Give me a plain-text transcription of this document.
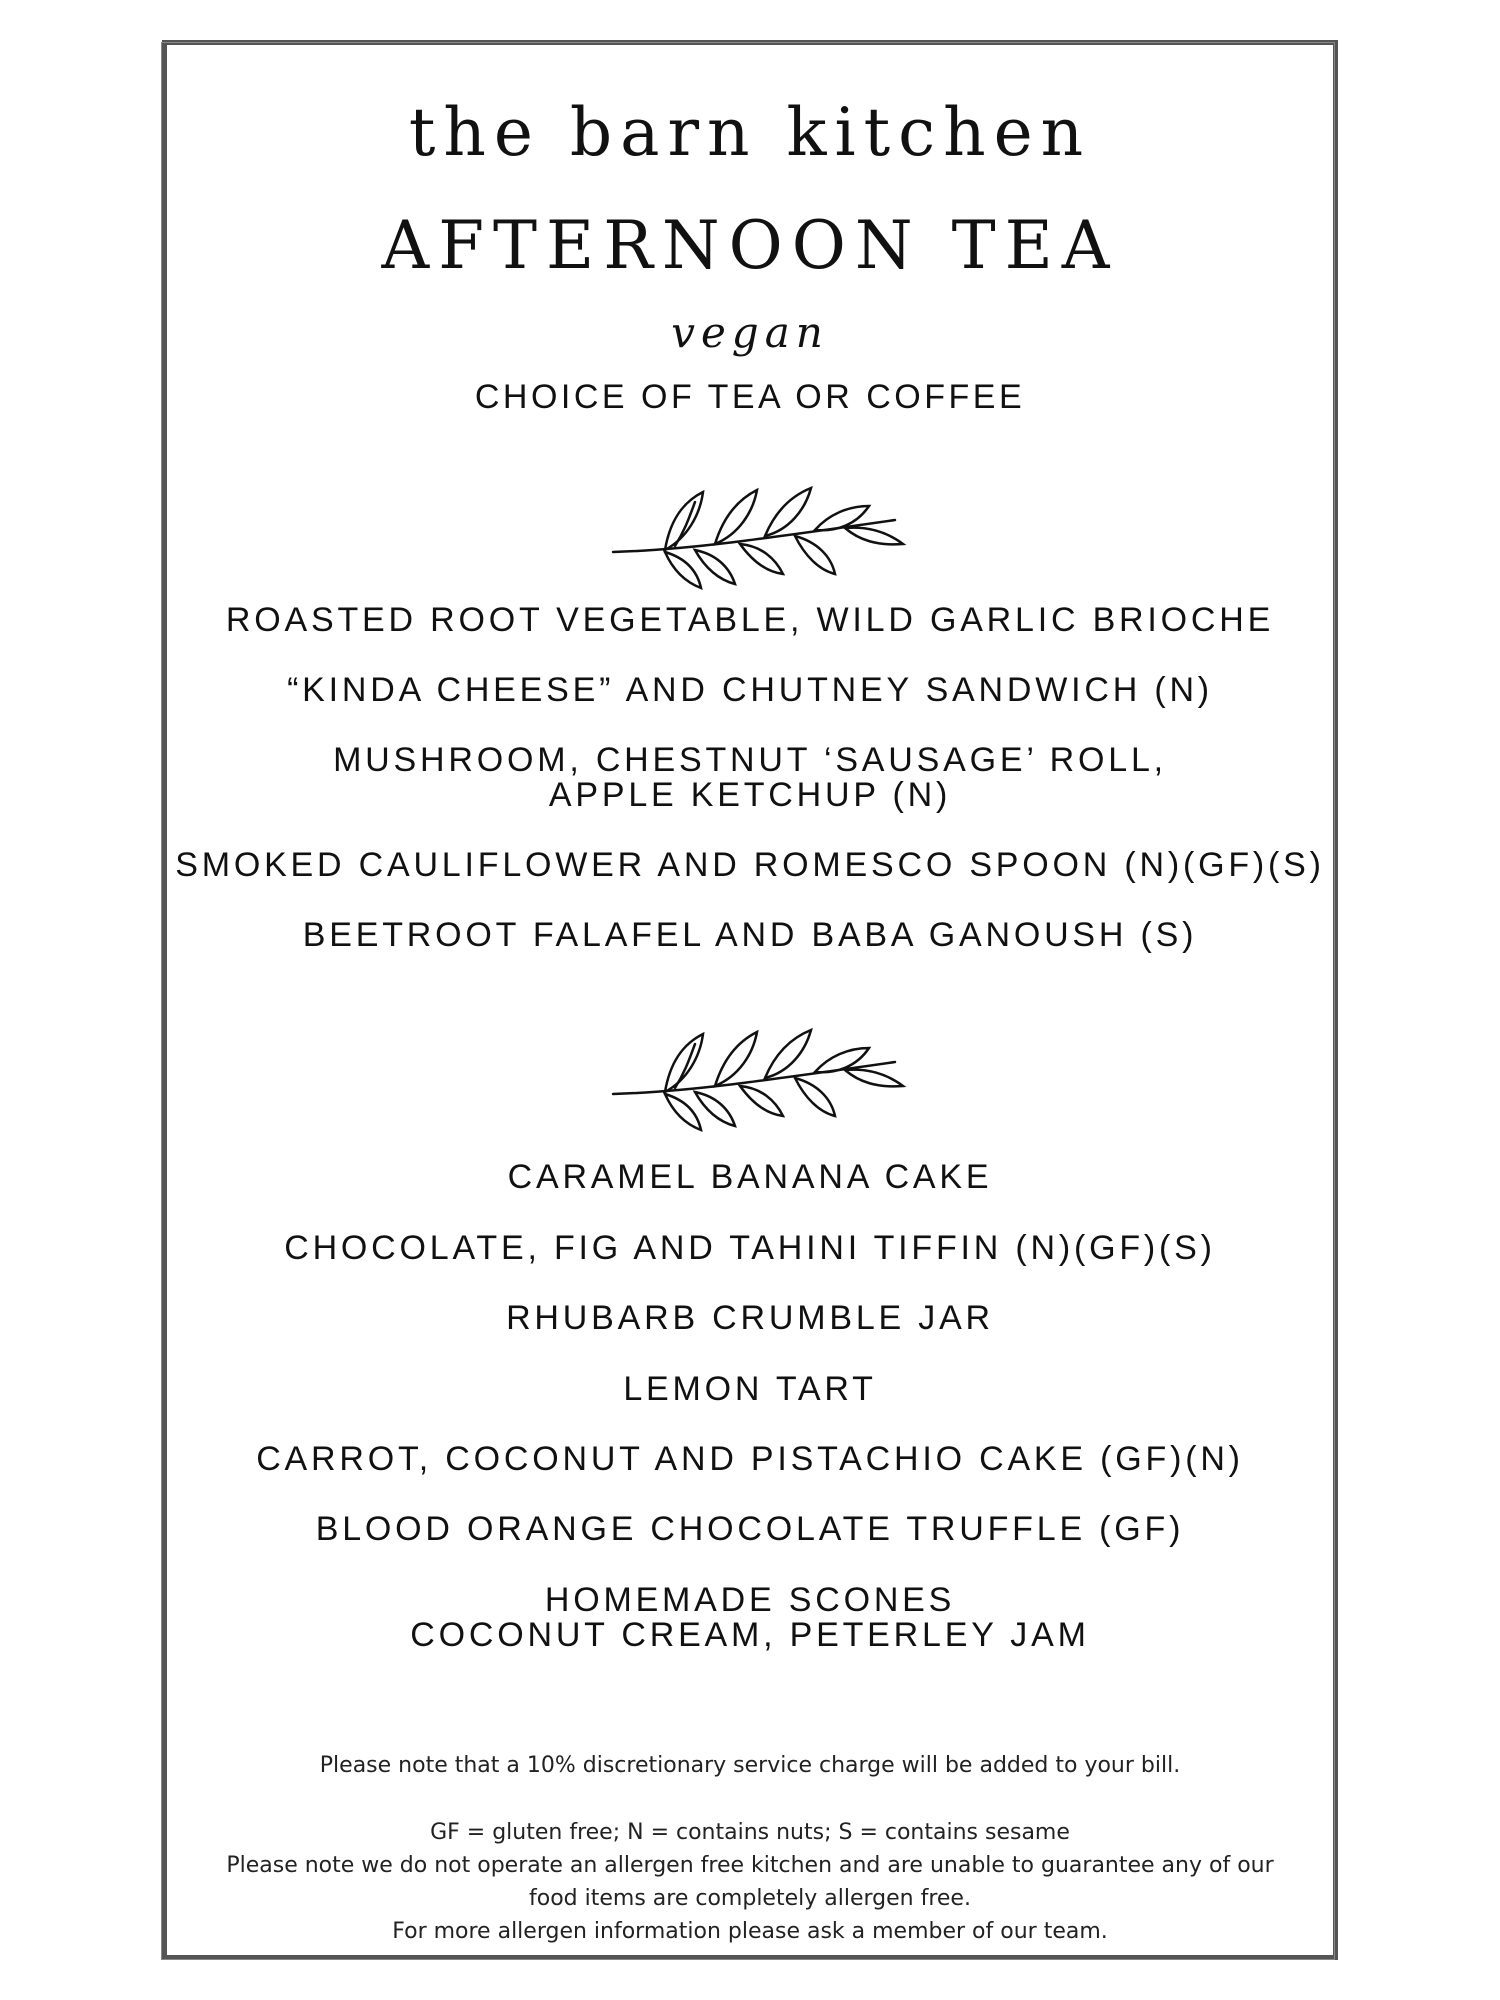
the barn kitchen
AFTERNOON TEA
vegan
CHOICE OF TEA OR COFFEE
ROASTED ROOT VEGETABLE, WILD GARLIC BRIOCHE
“KINDA CHEESE” AND CHUTNEY SANDWICH (N)
MUSHROOM, CHESTNUT ‘SAUSAGE’ ROLL,
APPLE KETCHUP (N)
SMOKED CAULIFLOWER AND ROMESCO SPOON (N)(GF)(S)
BEETROOT FALAFEL AND BABA GANOUSH (S)
CARAMEL BANANA CAKE
CHOCOLATE, FIG AND TAHINI TIFFIN (N)(GF)(S)
RHUBARB CRUMBLE JAR
LEMON TART
CARROT, COCONUT AND PISTACHIO CAKE (GF)(N)
BLOOD ORANGE CHOCOLATE TRUFFLE (GF)
HOMEMADE SCONES
COCONUT CREAM, PETERLEY JAM
Please note that a 10% discretionary service charge will be added to your bill.
GF = gluten free; N = contains nuts; S = contains sesame
Please note we do not operate an allergen free kitchen and are unable to guarantee any of our
food items are completely allergen free.
For more allergen information please ask a member of our team.
